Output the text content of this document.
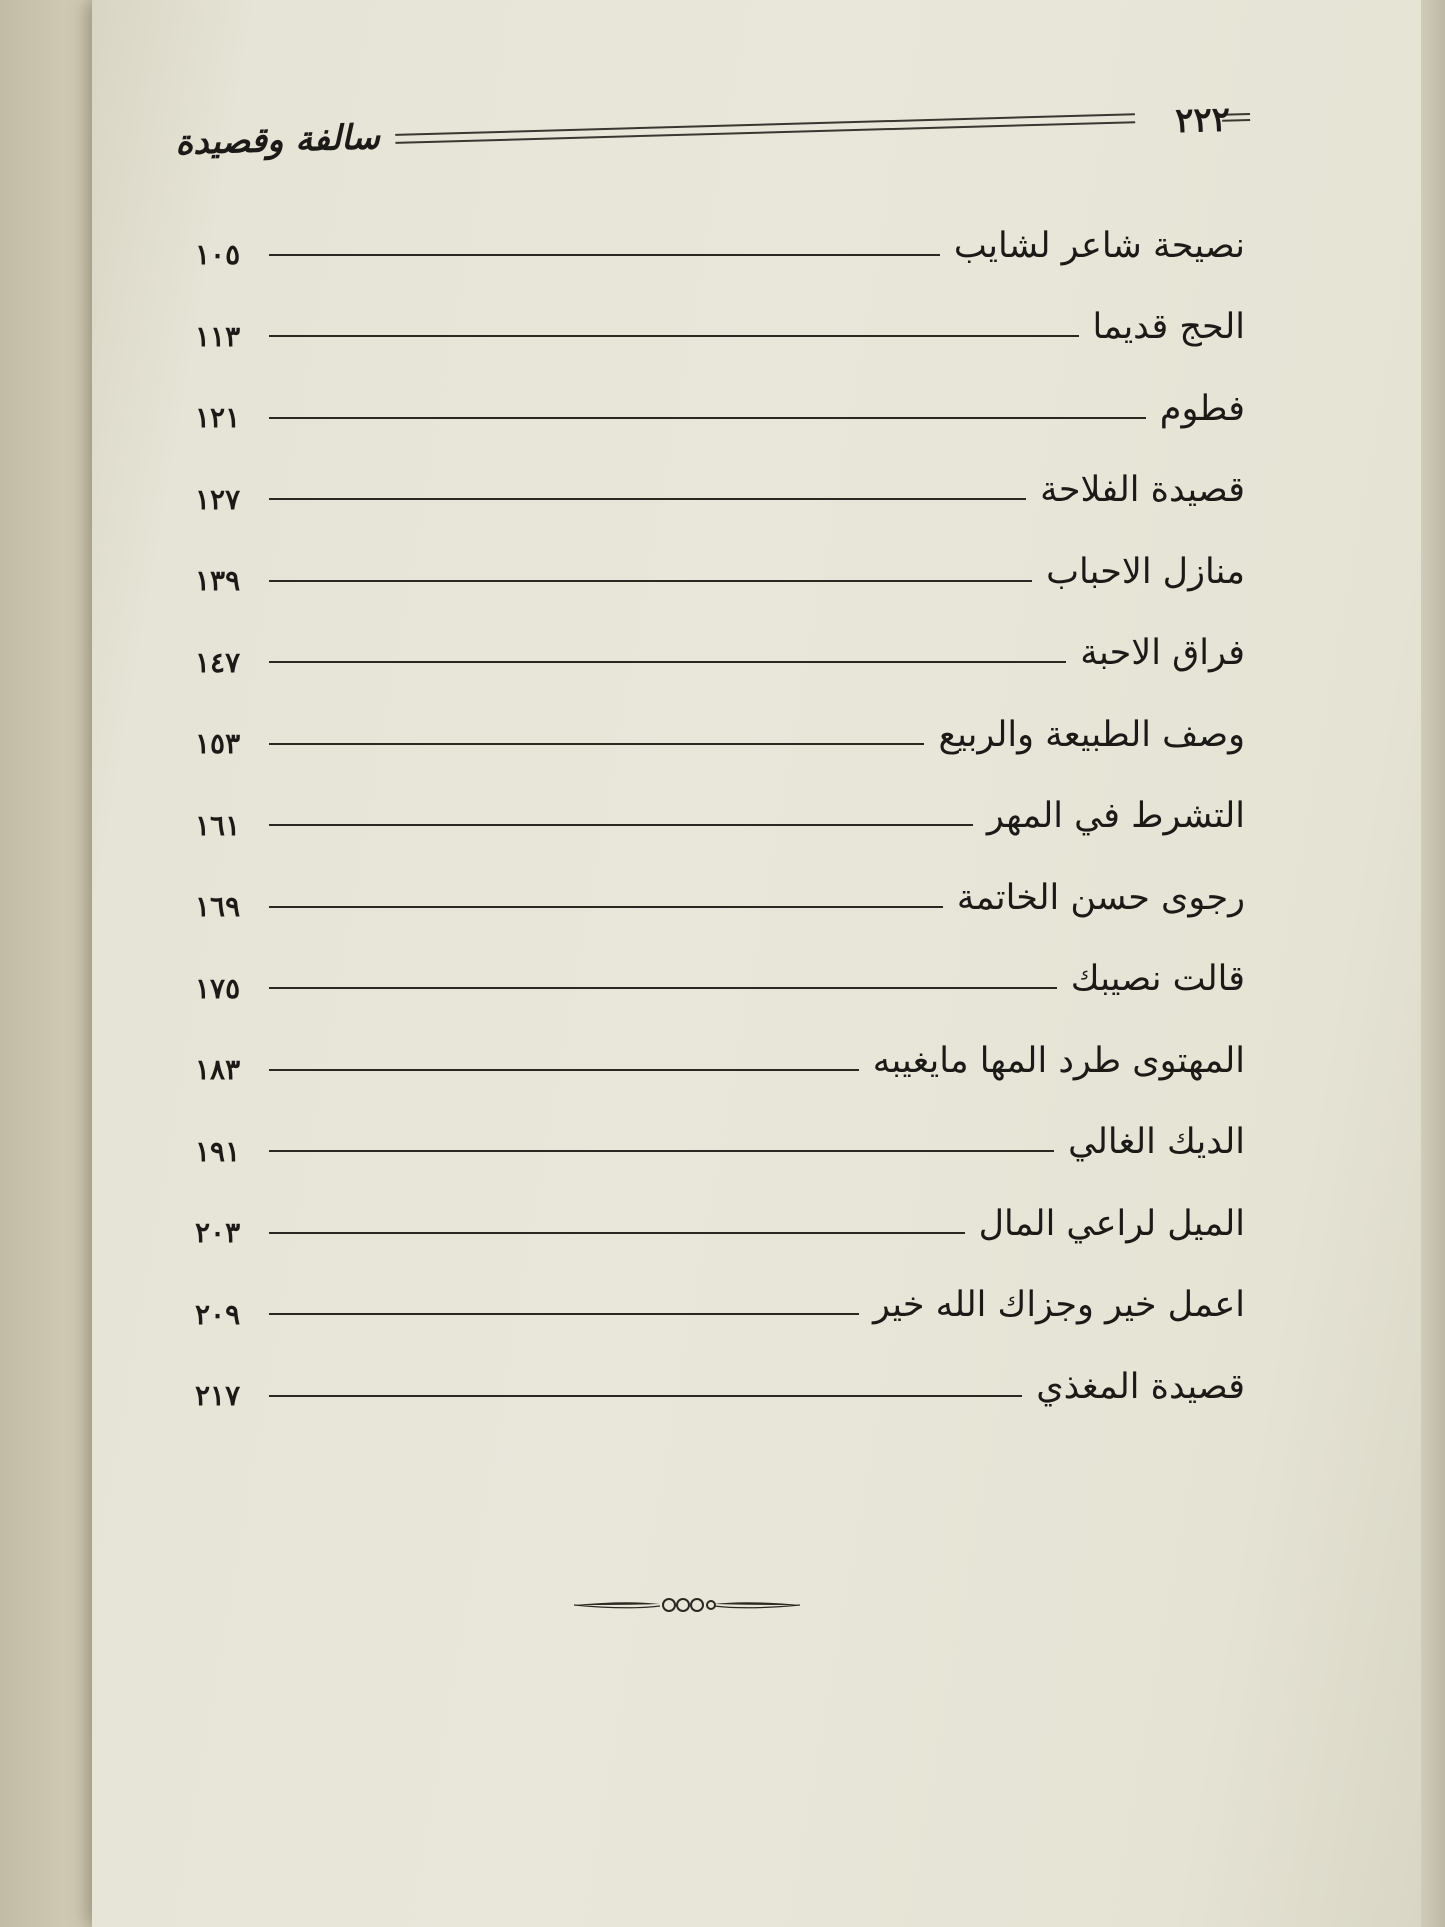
٢٢٢
سالفة وقصيدة
نصيحة شاعر لشايب
١٠٥
الحج قديما
١١٣
فطوم
١٢١
قصيدة الفلاحة
١٢٧
منازل الاحباب
١٣٩
فراق الاحبة
١٤٧
وصف الطبيعة والربيع
١٥٣
التشرط في المهر
١٦١
رجوى حسن الخاتمة
١٦٩
قالت نصيبك
١٧٥
المهتوى طرد المها مايغيبه
١٨٣
الديك الغالي
١٩١
الميل لراعي المال
٢٠٣
اعمل خير وجزاك الله خير
٢٠٩
قصيدة المغذي
٢١٧
